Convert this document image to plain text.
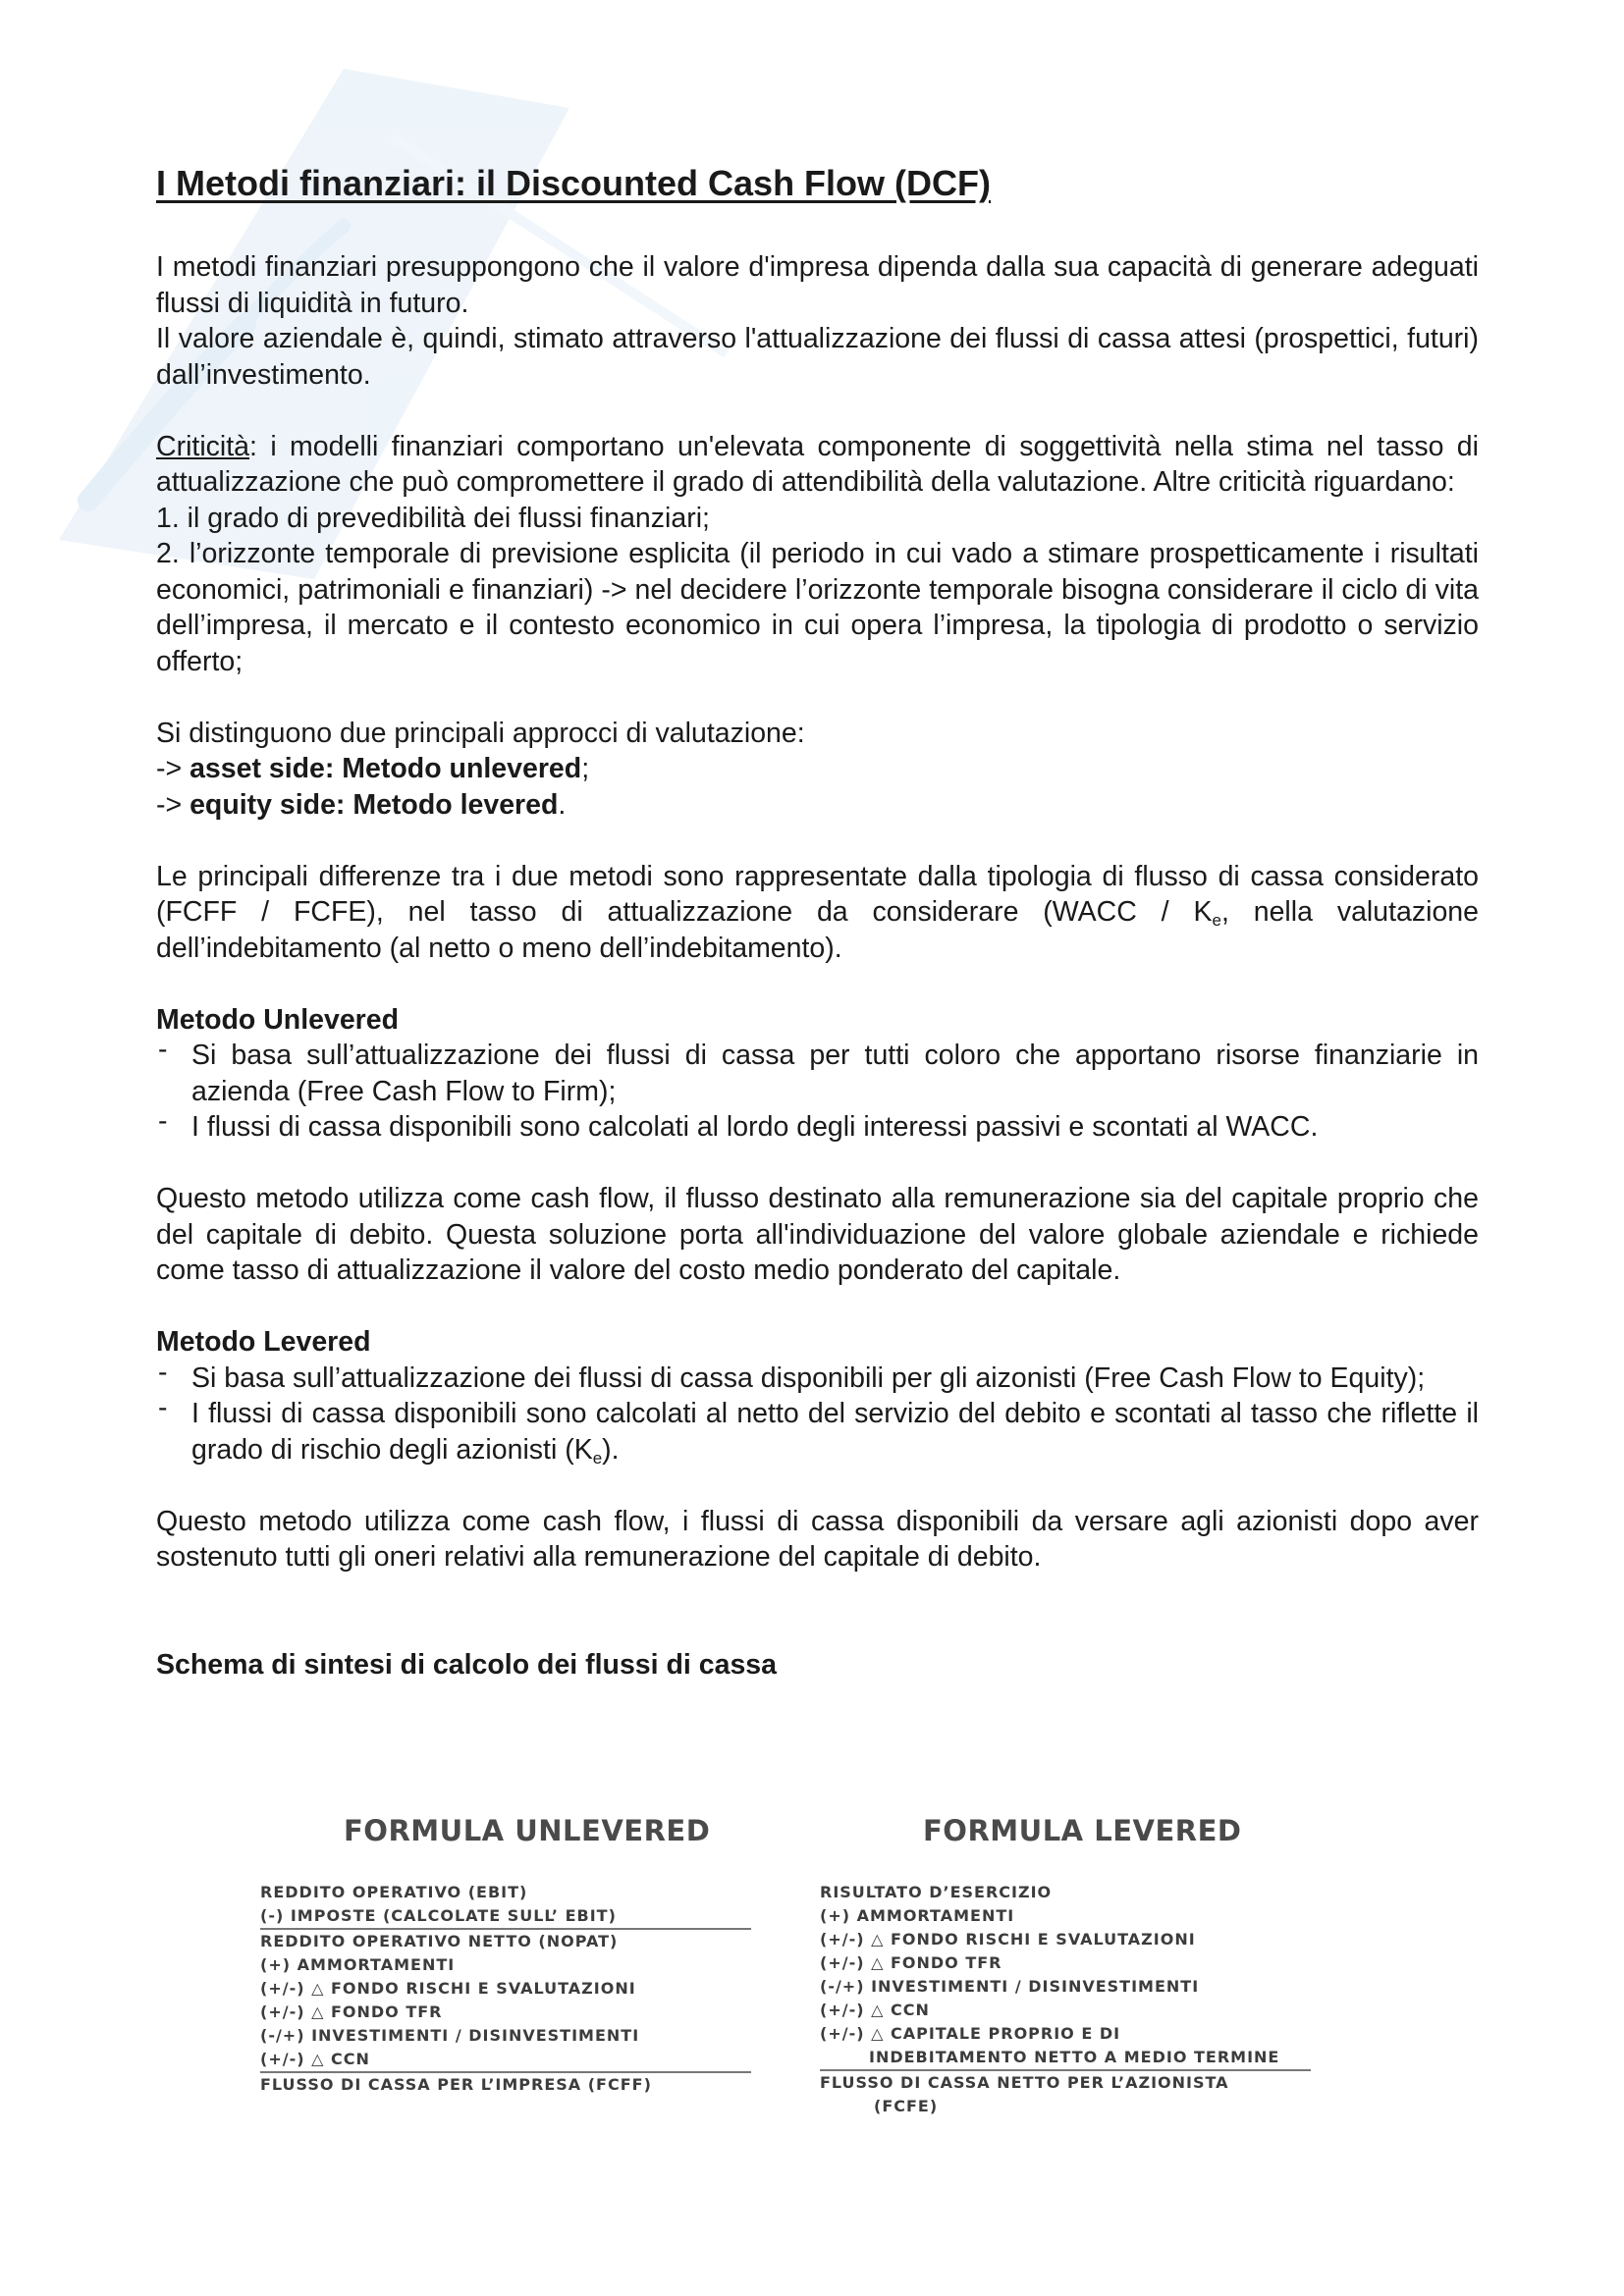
I Metodi finanziari: il Discounted Cash Flow (DCF)

I metodi finanziari presuppongono che il valore d'impresa dipenda dalla sua capacità di generare adeguati flussi di liquidità in futuro.

Il valore aziendale è, quindi, stimato attraverso l'attualizzazione dei flussi di cassa attesi (prospettici, futuri) dall’investimento.

Criticità: i modelli finanziari comportano un'elevata componente di soggettività nella stima nel tasso di attualizzazione che può compromettere il grado di attendibilità della valutazione. Altre criticità riguardano:

1. il grado di prevedibilità dei flussi finanziari;

2. l’orizzonte temporale di previsione esplicita (il periodo in cui vado a stimare prospetticamente i risultati economici, patrimoniali e finanziari) -> nel decidere l’orizzonte temporale bisogna considerare il ciclo di vita dell’impresa, il mercato e il contesto economico in cui opera l’impresa, la tipologia di prodotto o servizio offerto;

Si distinguono due principali approcci di valutazione:

-> asset side: Metodo unlevered;

-> equity side: Metodo levered.

Le principali differenze tra i due metodi sono rappresentate dalla tipologia di flusso di cassa considerato (FCFF / FCFE), nel tasso di attualizzazione da considerare (WACC / $K_e$, nella valutazione dell’indebitamento (al netto o meno dell’indebitamento).

Metodo Unlevered

- Si basa sull’attualizzazione dei flussi di cassa per tutti coloro che apportano risorse finanziarie in azienda (Free Cash Flow to Firm);
- I flussi di cassa disponibili sono calcolati al lordo degli interessi passivi e scontati al WACC.

Questo metodo utilizza come cash flow, il flusso destinato alla remunerazione sia del capitale proprio che del capitale di debito. Questa soluzione porta all'individuazione del valore globale aziendale e richiede come tasso di attualizzazione il valore del costo medio ponderato del capitale.

Metodo Levered

- Si basa sull’attualizzazione dei flussi di cassa disponibili per gli aizonisti (Free Cash Flow to Equity);
- I flussi di cassa disponibili sono calcolati al netto del servizio del debito e scontati al tasso che riflette il grado di rischio degli azionisti $(K_e)$.

Questo metodo utilizza come cash flow, i flussi di cassa disponibili da versare agli azionisti dopo aver sostenuto tutti gli oneri relativi alla remunerazione del capitale di debito.

Schema di sintesi di calcolo dei flussi di cassa

FORMULA UNLEVERED
REDDITO OPERATIVO (EBIT)
(-) IMPOSTE (CALCOLATE SULL’ EBIT)
REDDITO OPERATIVO NETTO (NOPAT)
(+) AMMORTAMENTI
(+/-) △ FONDO RISCHI E SVALUTAZIONI
(+/-) △ FONDO TFR
(-/+) INVESTIMENTI / DISINVESTIMENTI
(+/-) △ CCN
FLUSSO DI CASSA PER L’IMPRESA (FCFF)
FORMULA LEVERED
RISULTATO D’ESERCIZIO
(+) AMMORTAMENTI
(+/-) △ FONDO RISCHI E SVALUTAZIONI
(+/-) △ FONDO TFR
(-/+) INVESTIMENTI / DISINVESTIMENTI
(+/-) △ CCN
(+/-) △ CAPITALE PROPRIO E DI
INDEBITAMENTO NETTO A MEDIO TERMINE
FLUSSO DI CASSA NETTO PER L’AZIONISTA
(FCFE)
